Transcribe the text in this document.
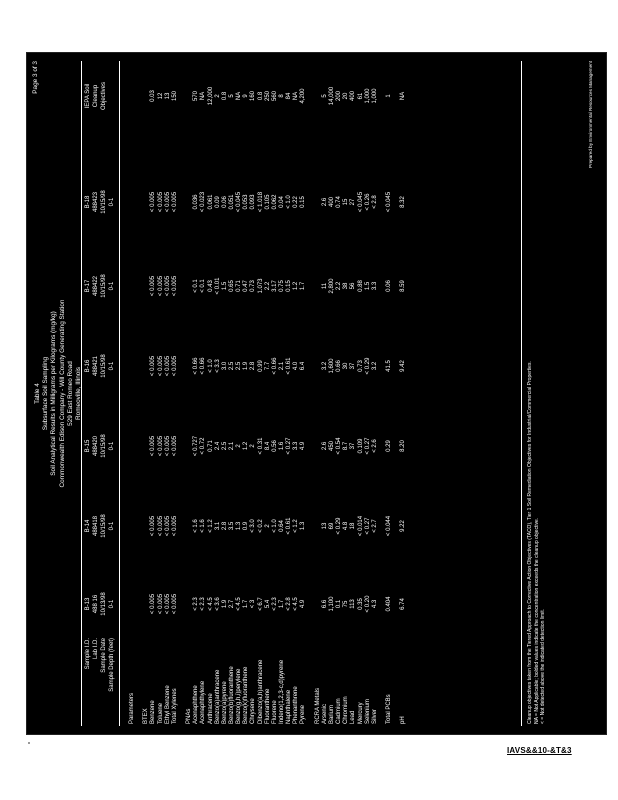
Page 3 of 3
Table 4 Subsurface Soil Sampling Soil Analytical Results in Milligrams per Kilograms (mg/kg) Commonwealth Edison Company - Will County Generating Station 529 East Romeo Road Romeoville, Illinois
Sample I.D.
B-13
B-14
B-15
B-16
B-17
B-18
IEPA Soil
Lab I.D.
488 16
488418
488420
488421
488422
488423
Cleanup
Sample Date
10/13/98
10/15/98
10/15/98
10/15/98
10/15/98
10/15/98
Objectives
Sample Depth (feet)
0-1
0-1
0-1
0-1
0-1
0-1
Parameters BTEX Benzene
< 0.005
< 0.005
< 0.005
< 0.005
< 0.005
< 0.005
0.03
Toluene
< 0.005
< 0.005
< 0.005
< 0.005
< 0.005
< 0.005
12
Ethyl Benzene
< 0.005
< 0.005
< 0.005
< 0.005
< 0.005
< 0.005
13
Total Xylenes
< 0.005
< 0.005
< 0.005
< 0.005
< 0.005
< 0.005
150
PNAs Acenaphthene
< 2.3
< 1.6
< 0.727
< 0.66
< 0.1
0.036
570
Acenaphthylene
< 2.3
< 1.6
< 0.72
< 0.66
< 0.1
< 0.023
NA
Anthracene
< 4.5
< 1.2
0.71
< 1.0
0.43
0.061
12,000
Benzo(a)anthracene
< 3.6
3.1
2.4
< 3.3
< 0.01
0.09
2
Benzo(a)pyrene
1.9
2.8
2.5
3.0
1.5
0.06
0.8
Benzo(b)fluoranthene
2.7
3.5
2.1
2.5
0.65
0.051
5
Benzo(g,h,i)perylene
< 4.5
1.3
2
2.5
0.71
< 0.045
NA
Benzo(k)fluoranthene
1.7
0.9
1.2
1.9
0.47
0.053
9
Chrysene
< 3
< 3.0
2
2.8
0.73
0.093
160
Dibenzo(a,h)anthracene
< 6.7
< 0.2
< 0.31
0.99
1.073
< 1.018
0.8
Fluoranthene
5.4
2
8.4
7.7
2.2
0.105
250
Fluorene
< 2.3
< 1.0
0.56
< 0.66
3.17
0.062
560
Indeno(1,2,3-c,d)pyrene
1.7
0.64
1.6
2.1
0.75
0.04
8
Naphthalene
< 2.8
< 0.61
< 0.27
< 0.61
0.15
< 1.0
84
Phenanthrene
< 4.5
< 1.2
3.3
4.0
1.2
0.22
NA
Pyrene
4.9
1.3
4.9
6.4
1.7
0.15
4,200
RCRA Metals Arsenic
6.6
13
2.6
3.2
11
2.6
5
Barium
1,100
69
450
1,600
2,800
400
14,000
Cadmium
0.1
< 0.29
< 0.54
0.66
2.2
0.74
200
Chromium
75
4.8
8.7
30
38
15
20
Lead
113
18
37
37
56
27
400
Mercury
0.35
< 0.014
0.109
0.73
0.88
< 0.045
61
Selenium
< 0.20
< 0.27
< 0.27
< 0.29
1.5
< 0.26
1,000
Silver
4.3
< 2.7
< 2.6
3.2
3.3
< 2.8
1,000
Total PCBs
0.404
< 0.044
0.29
41.5
0.06
< 0.045
1
pH
6.74
9.22
8.20
9.42
8.59
8.32
NA
Cleanup objectives taken from the Tiered Approach to Corrective Action Objectives (TACO), Tier 1 Soil Remediation Objectives for Industrial/Commercial Properties. NA = Not Applicable; bolded values indicate the concentration exceeds the cleanup objective. < = Not detected above the indicated detection limit.
Prepared by Environmental Resources Management
IAVS&&10-&T&3
